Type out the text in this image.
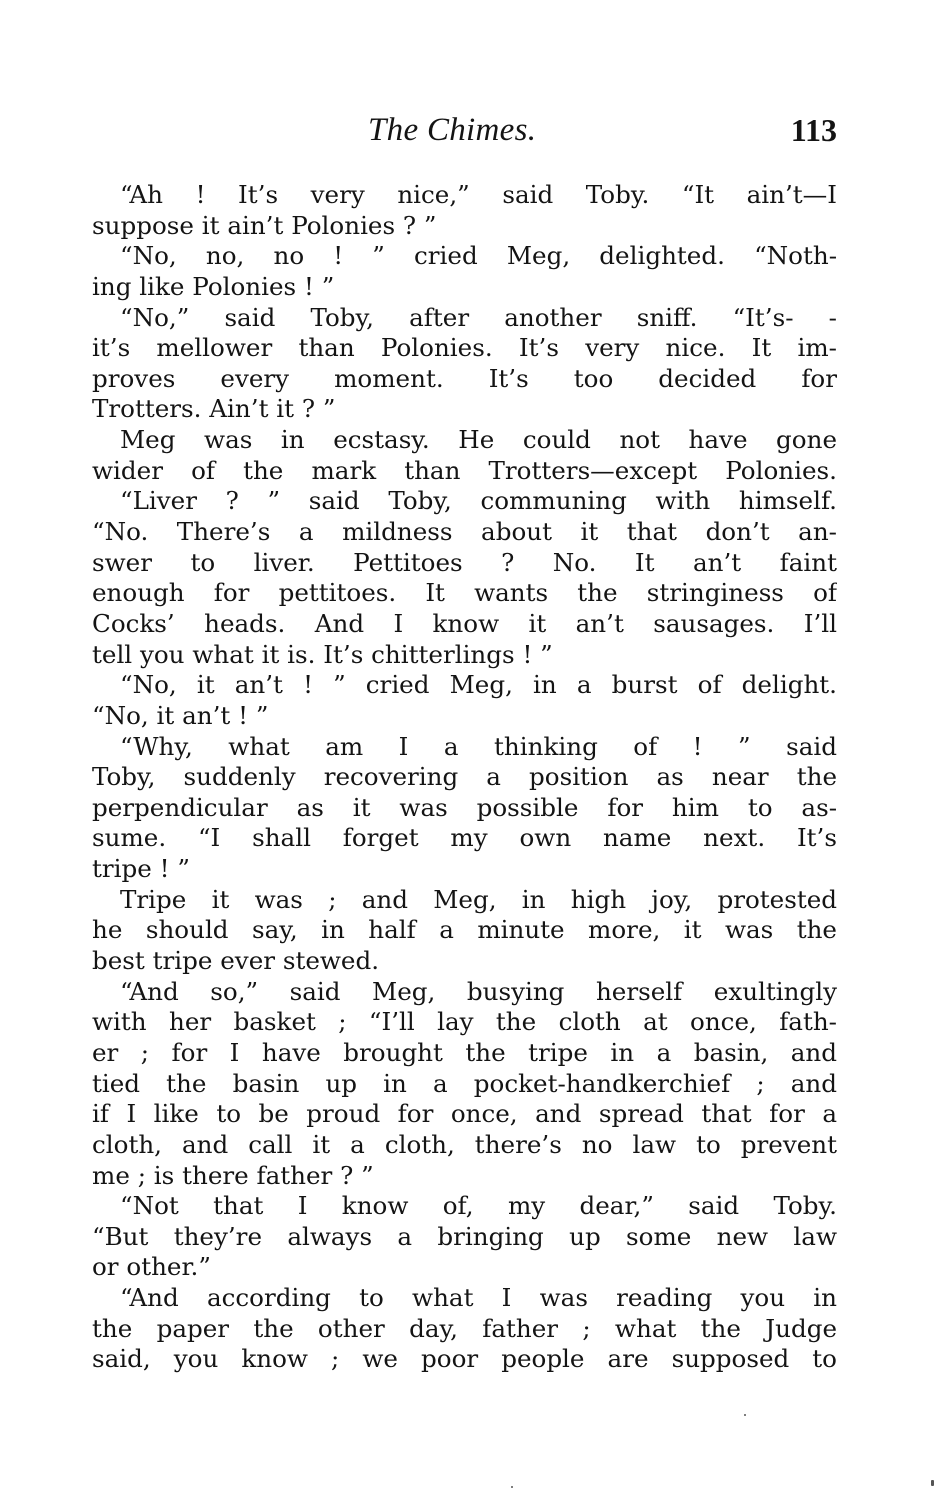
The Chimes.	113
“Ah ! It’s very nice,” said Toby. “It ain’t—I
suppose it ain’t Polonies ? ”
“No, no, no ! ” cried Meg, delighted. “Noth-
ing like Polonies ! ”
“No,” said Toby, after another sniff. “It’s- -
it’s mellower than Polonies. It’s very nice. It im-
proves every moment. It’s too decided for
Trotters. Ain’t it ? ”
Meg was in ecstasy. He could not have gone
wider of the mark than Trotters—except Polonies.
“Liver ? ” said Toby, communing with himself.
“No. There’s a mildness about it that don’t an-
swer to liver. Pettitoes ? No. It an’t faint
enough for pettitoes. It wants the stringiness of
Cocks’ heads. And I know it an’t sausages. I’ll
tell you what it is. It’s chitterlings ! ”
“No, it an’t ! ” cried Meg, in a burst of delight.
“No, it an’t ! ”
“Why, what am I a thinking of ! ” said
Toby, suddenly recovering a position as near the
perpendicular as it was possible for him to as-
sume. “I shall forget my own name next. It’s
tripe ! ”
Tripe it was ; and Meg, in high joy, protested
he should say, in half a minute more, it was the
best tripe ever stewed.
“And so,” said Meg, busying herself exultingly
with her basket ; “I’ll lay the cloth at once, fath-
er ; for I have brought the tripe in a basin, and
tied the basin up in a pocket-handkerchief ; and
if I like to be proud for once, and spread that for a
cloth, and call it a cloth, there’s no law to prevent
me ; is there father ? ”
“Not that I know of, my dear,” said Toby.
“But they’re always a bringing up some new law
or other.”
“And according to what I was reading you in
the paper the other day, father ; what the Judge
said, you know ; we poor people are supposed to
